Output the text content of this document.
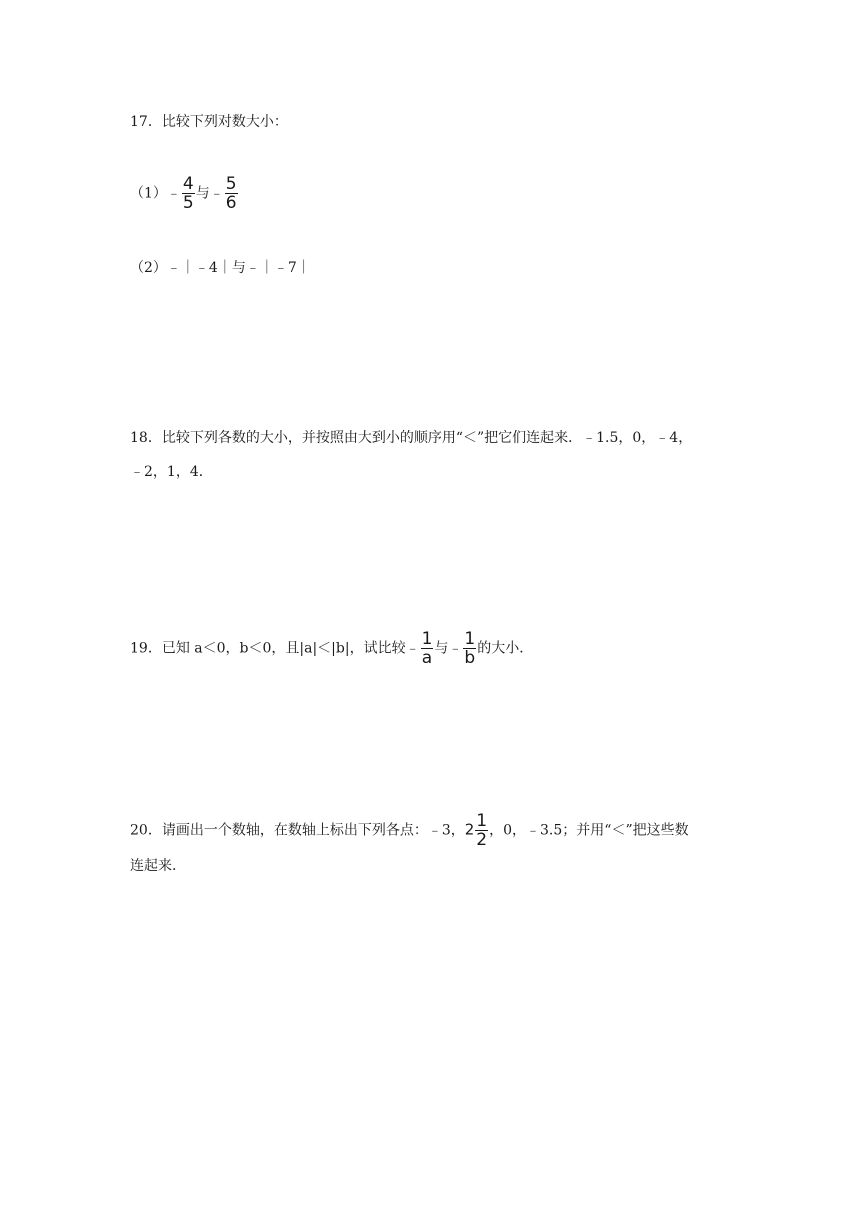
17．比较下列对数大小：
（1）﹣ $\frac{4}{5}$ 与﹣ $\frac{5}{6}$
（2）﹣｜﹣4｜与﹣｜﹣7｜
18．比较下列各数的大小，并按照由大到小的顺序用“＜”把它们连起来．﹣1.5，0，﹣4，
﹣2，1，4．
19．已知 a＜0，b＜0，且|a|＜|b|，试比较﹣ $\frac{1}{a}$ 与﹣ $\frac{1}{b}$ 的大小．
20．请画出一个数轴，在数轴上标出下列各点：﹣3，$2 \frac{1}{2}$ ，0，﹣3.5；并用“＜”把这些数
连起来．
